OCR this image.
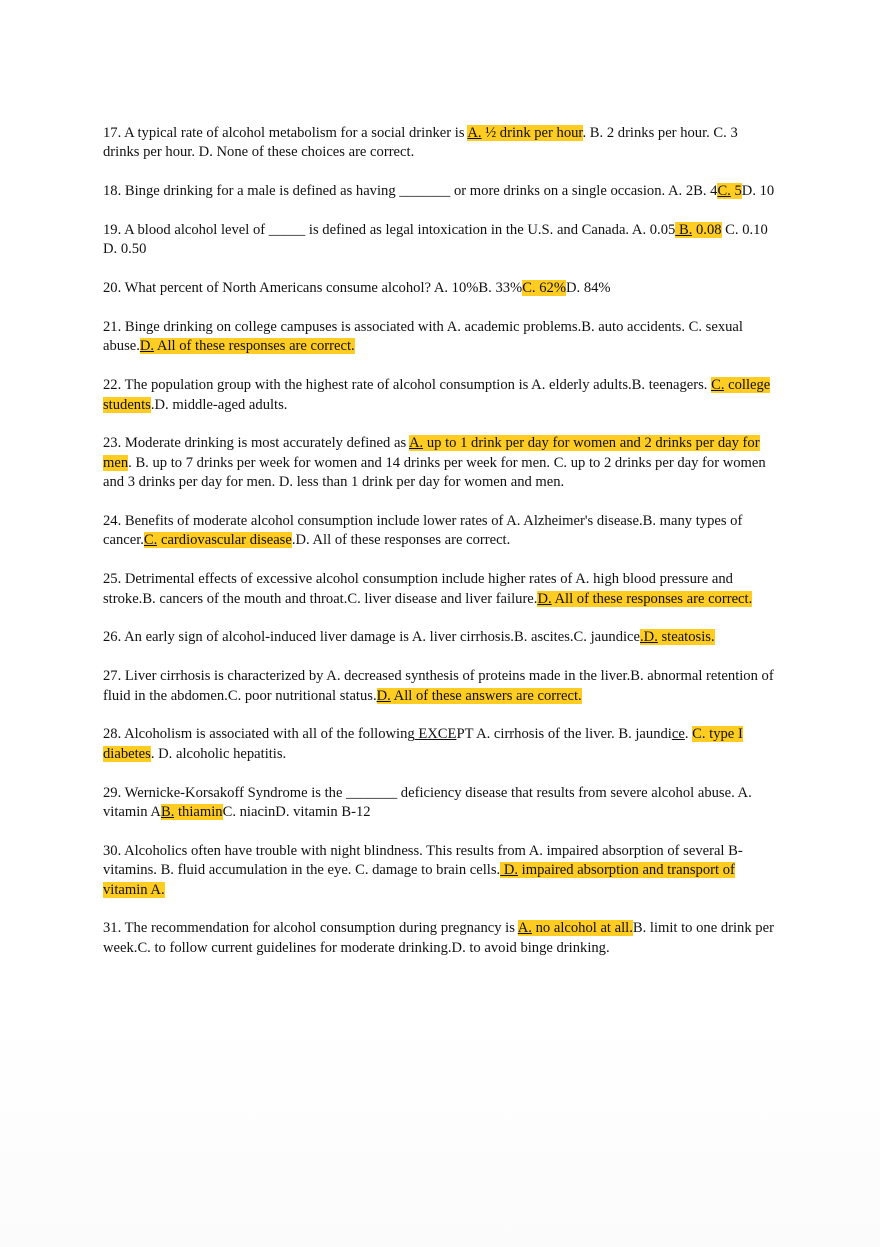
17. A typical rate of alcohol metabolism for a social drinker is A. ½ drink per hour. B. 2 drinks per hour. C. 3 drinks per hour. D. None of these choices are correct.

18. Binge drinking for a male is defined as having _______ or more drinks on a single occasion. A. 2B. 4C. 5D. 10

19. A blood alcohol level of _____ is defined as legal intoxication in the U.S. and Canada. A. 0.05 B. 0.08 C. 0.10 D. 0.50

20. What percent of North Americans consume alcohol? A. 10%B. 33%C. 62%D. 84%

21. Binge drinking on college campuses is associated with A. academic problems.B. auto accidents. C. sexual abuse.D. All of these responses are correct.

22. The population group with the highest rate of alcohol consumption is A. elderly adults.B. teenagers. C. college students.D. middle-aged adults.

23. Moderate drinking is most accurately defined as A. up to 1 drink per day for women and 2 drinks per day for men. B. up to 7 drinks per week for women and 14 drinks per week for men. C. up to 2 drinks per day for women and 3 drinks per day for men. D. less than 1 drink per day for women and men.

24. Benefits of moderate alcohol consumption include lower rates of A. Alzheimer's disease.B. many types of cancer.C. cardiovascular disease.D. All of these responses are correct.

25. Detrimental effects of excessive alcohol consumption include higher rates of A. high blood pressure and stroke.B. cancers of the mouth and throat.C. liver disease and liver failure.D. All of these responses are correct.

26. An early sign of alcohol-induced liver damage is A. liver cirrhosis.B. ascites.C. jaundice.D. steatosis.

27. Liver cirrhosis is characterized by A. decreased synthesis of proteins made in the liver.B. abnormal retention of fluid in the abdomen.C. poor nutritional status.D. All of these answers are correct.

28. Alcoholism is associated with all of the following EXCEPT A. cirrhosis of the liver. B. jaundice. C. type I diabetes. D. alcoholic hepatitis.

29. Wernicke-Korsakoff Syndrome is the _______ deficiency disease that results from severe alcohol abuse. A. vitamin AB. thiaminC. niacinD. vitamin B-12

30. Alcoholics often have trouble with night blindness. This results from A. impaired absorption of several B-vitamins. B. fluid accumulation in the eye. C. damage to brain cells. D. impaired absorption and transport of vitamin A.

31. The recommendation for alcohol consumption during pregnancy is A. no alcohol at all.B. limit to one drink per week.C. to follow current guidelines for moderate drinking.D. to avoid binge drinking.
